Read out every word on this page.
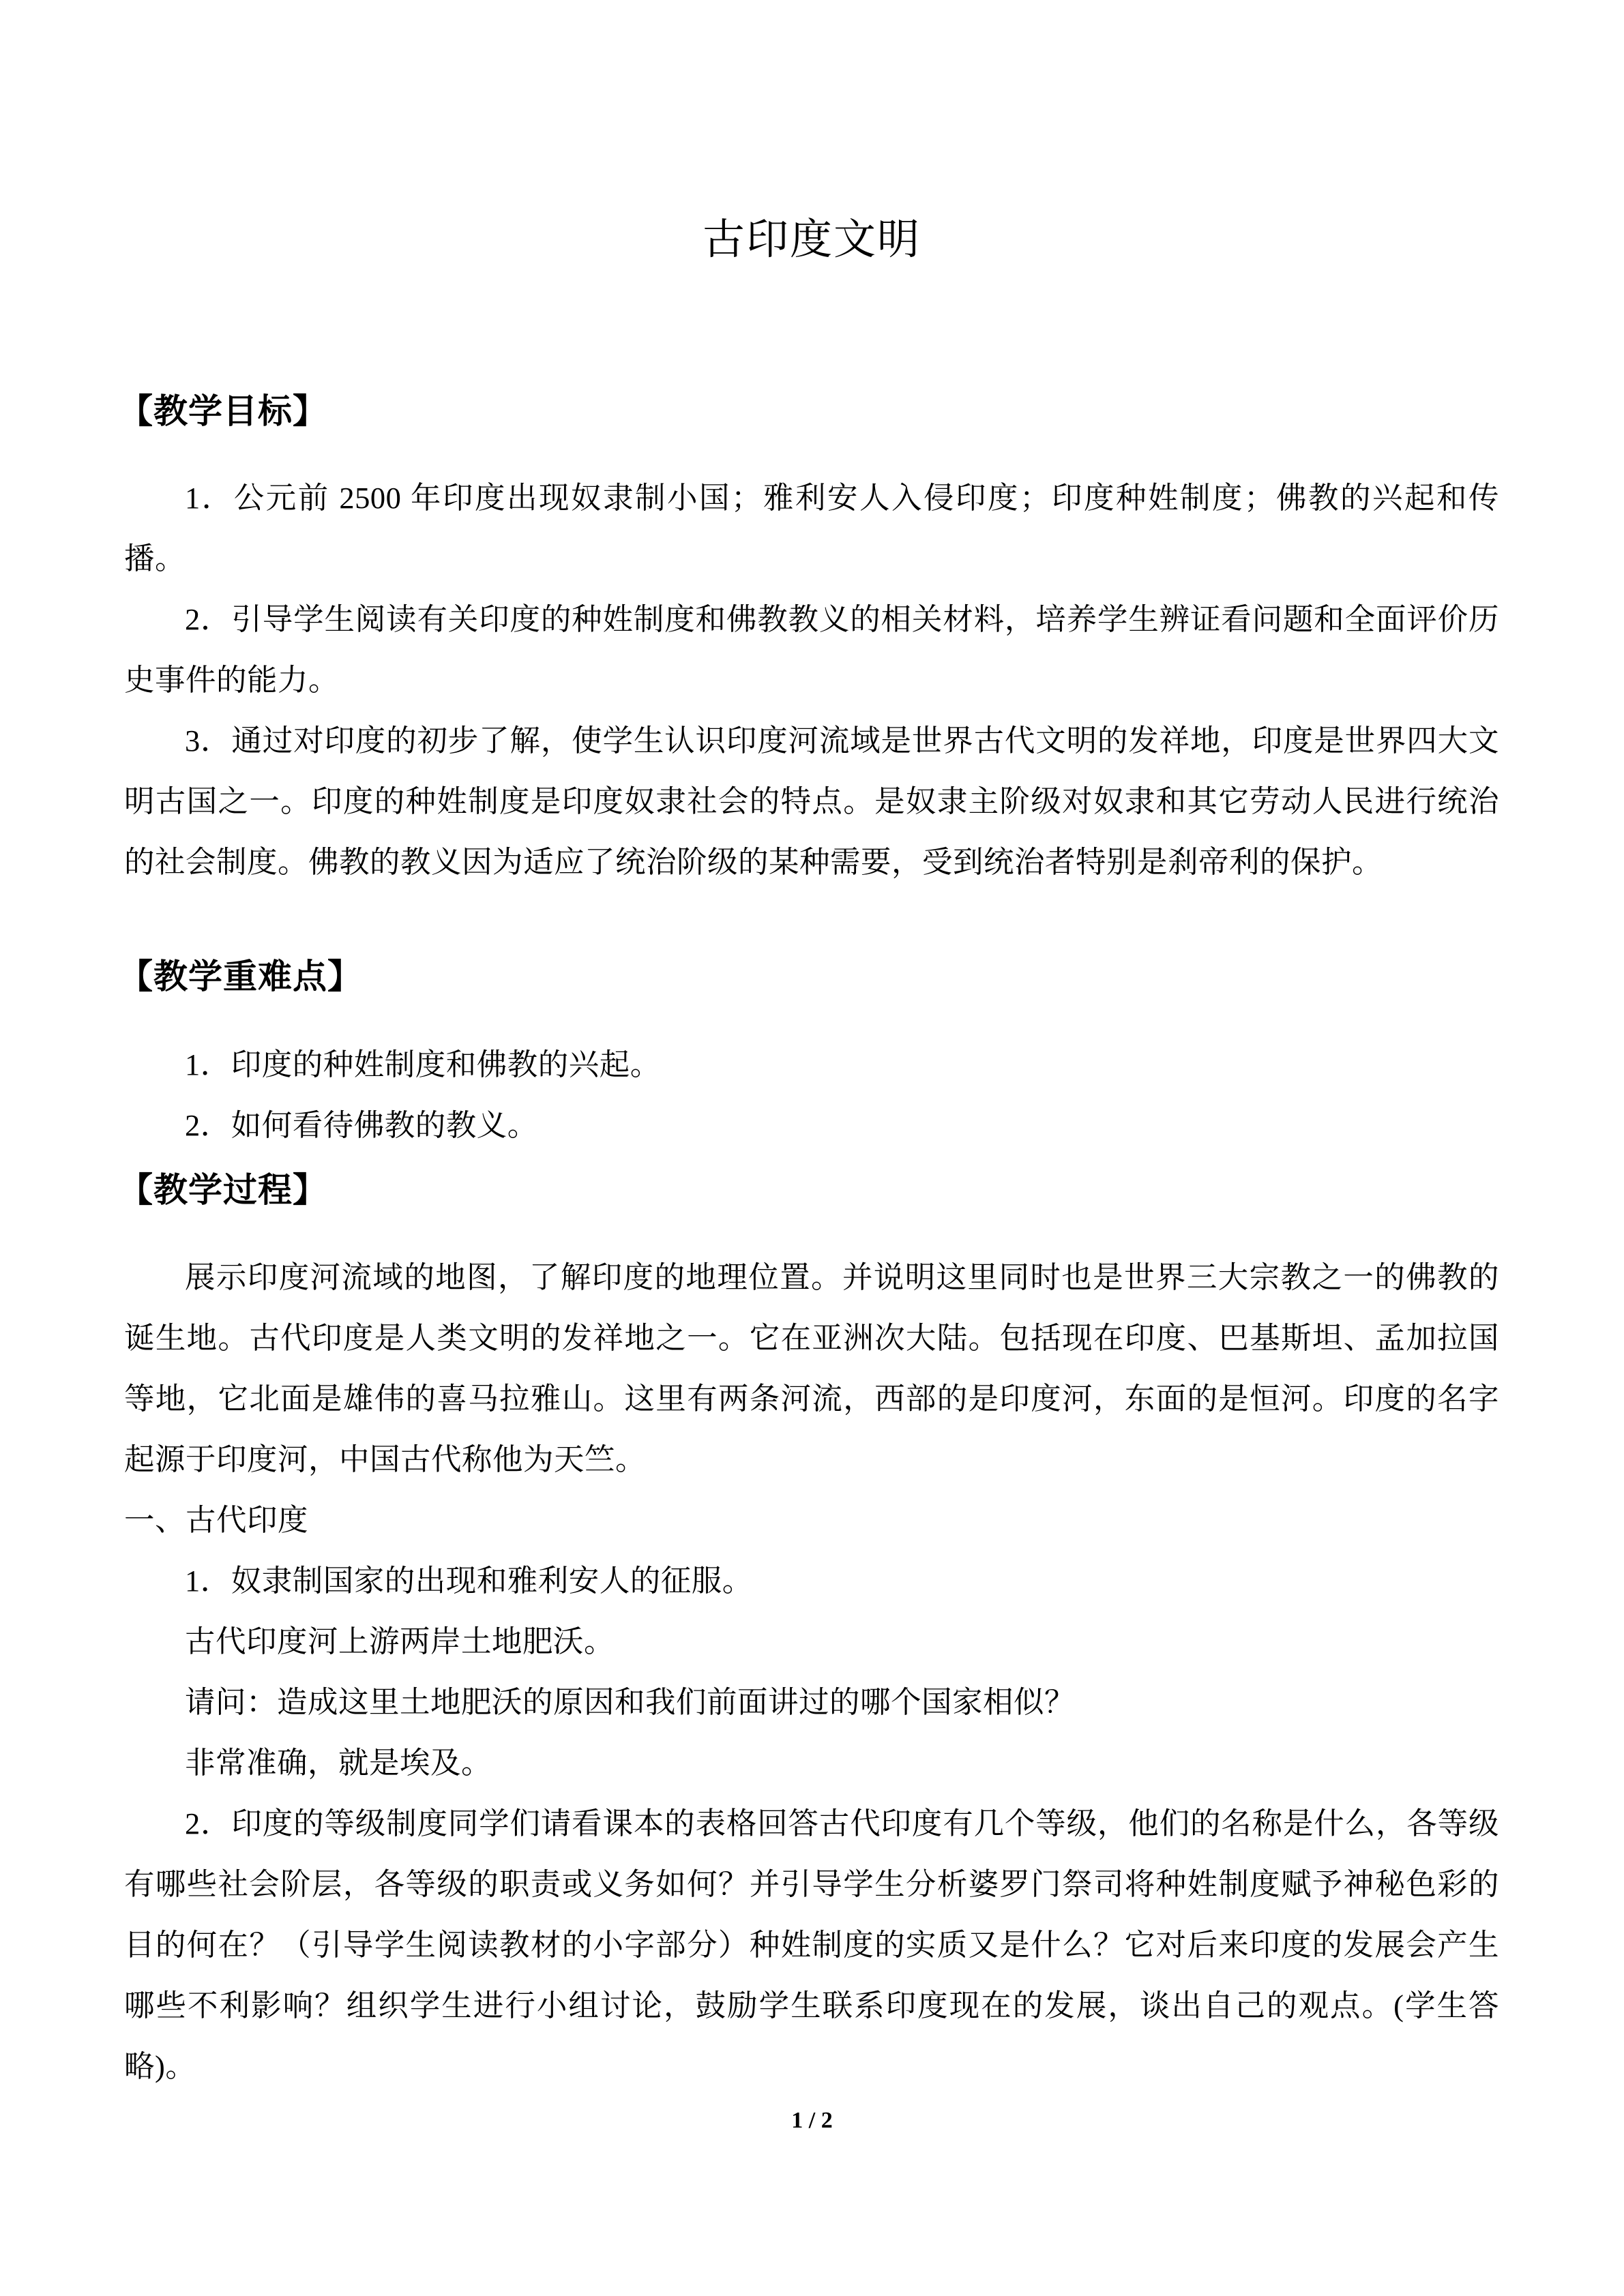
古印度文明
【教学目标】
1．公元前 2500 年印度出现奴隶制小国；雅利安人入侵印度；印度种姓制度；佛教的兴起和传播。
2．引导学生阅读有关印度的种姓制度和佛教教义的相关材料，培养学生辨证看问题和全面评价历史事件的能力。
3．通过对印度的初步了解，使学生认识印度河流域是世界古代文明的发祥地，印度是世界四大文明古国之一。印度的种姓制度是印度奴隶社会的特点。是奴隶主阶级对奴隶和其它劳动人民进行统治的社会制度。佛教的教义因为适应了统治阶级的某种需要，受到统治者特别是刹帝利的保护。
【教学重难点】
1．印度的种姓制度和佛教的兴起。
2．如何看待佛教的教义。
【教学过程】
展示印度河流域的地图，了解印度的地理位置。并说明这里同时也是世界三大宗教之一的佛教的诞生地。古代印度是人类文明的发祥地之一。它在亚洲次大陆。包括现在印度、巴基斯坦、孟加拉国等地，它北面是雄伟的喜马拉雅山。这里有两条河流，西部的是印度河，东面的是恒河。印度的名字起源于印度河，中国古代称他为天竺。
一、古代印度
1．奴隶制国家的出现和雅利安人的征服。
古代印度河上游两岸土地肥沃。
请问：造成这里土地肥沃的原因和我们前面讲过的哪个国家相似？
非常准确，就是埃及。
2．印度的等级制度同学们请看课本的表格回答古代印度有几个等级，他们的名称是什么，各等级有哪些社会阶层，各等级的职责或义务如何？并引导学生分析婆罗门祭司将种姓制度赋予神秘色彩的目的何在？（引导学生阅读教材的小字部分）种姓制度的实质又是什么？它对后来印度的发展会产生哪些不利影响？组织学生进行小组讨论，鼓励学生联系印度现在的发展，谈出自己的观点。(学生答略)。
1 / 2
